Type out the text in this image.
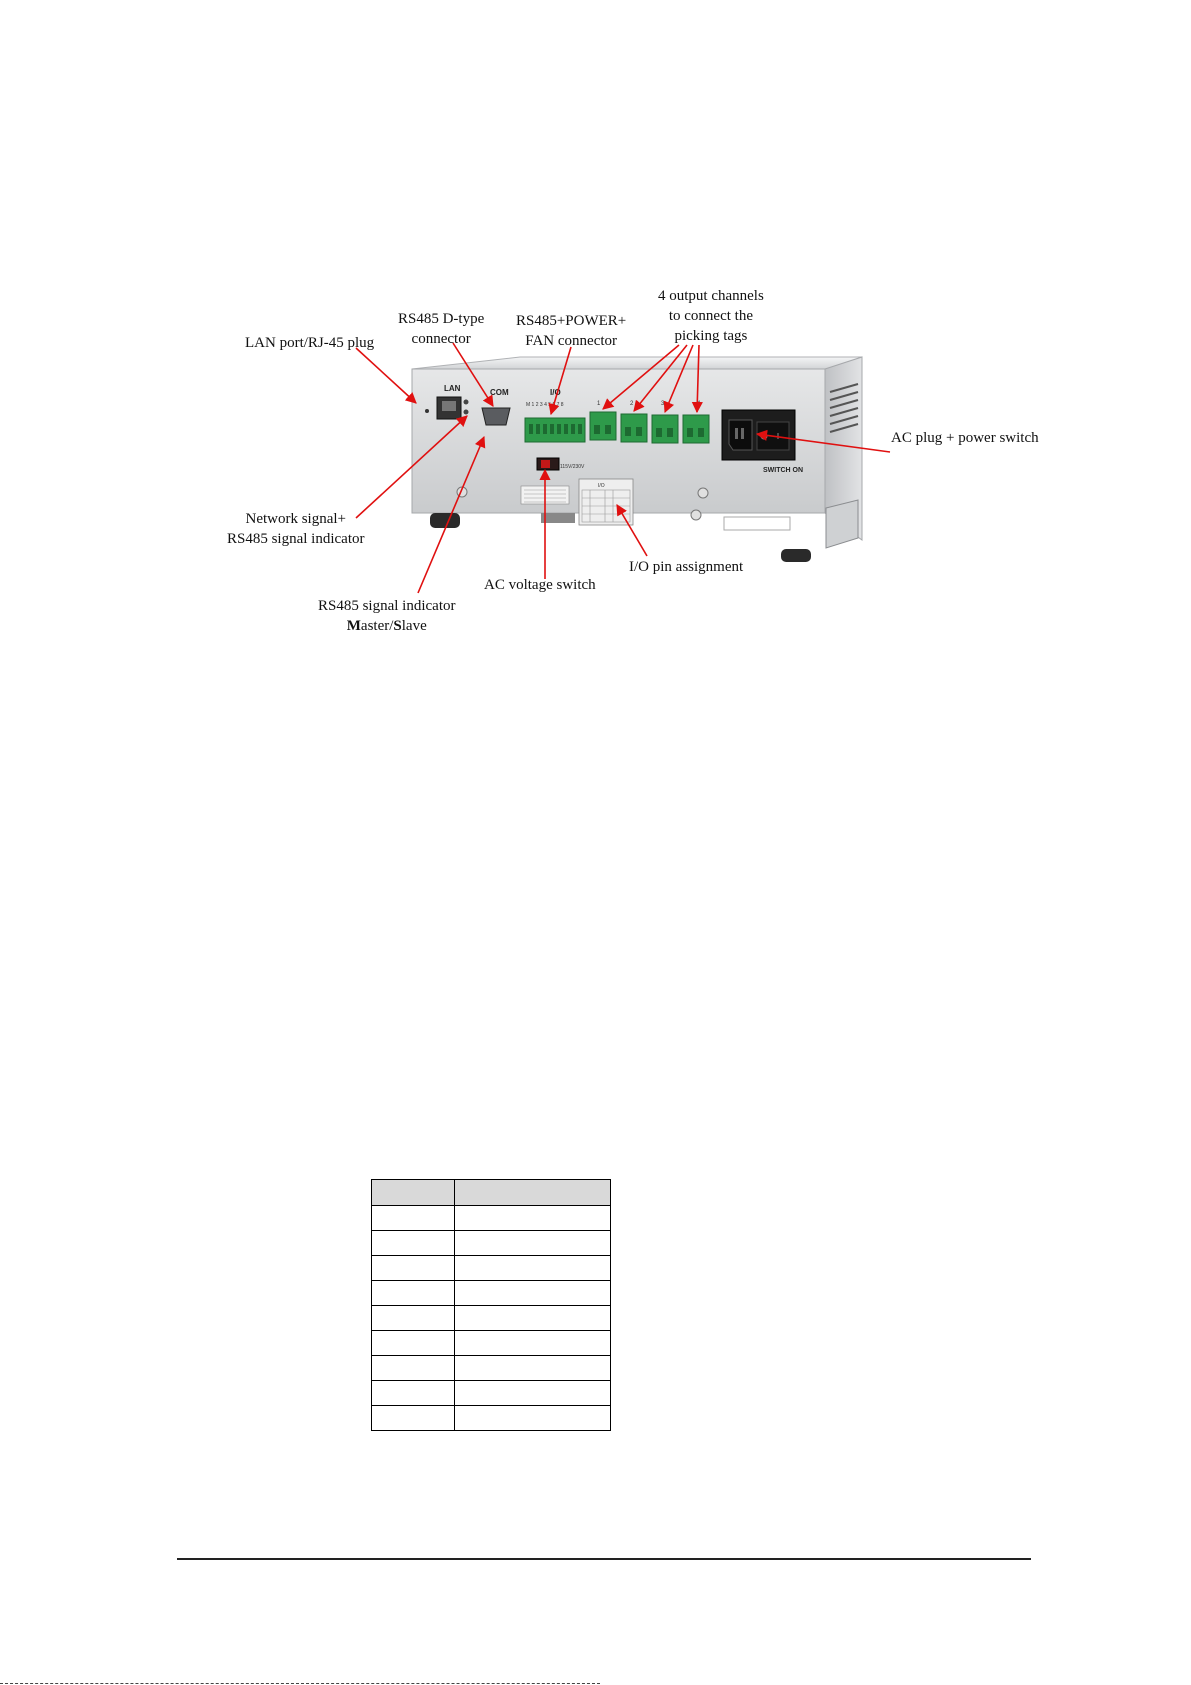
LAN	COM	I/O
M 1 2 3 4 5 6 7 8	1	2	3	4
SWITCH ON
115V/230V
I/O
LAN port/RJ-45 plug
RS485 D-type
connector
RS485+POWER+
FAN connector
4 output channels
to connect the
picking tags
AC plug + power switch
Network signal+
RS485 signal indicator
AC voltage switch
I/O pin assignment
RS485 signal indicator
Master/Slave
